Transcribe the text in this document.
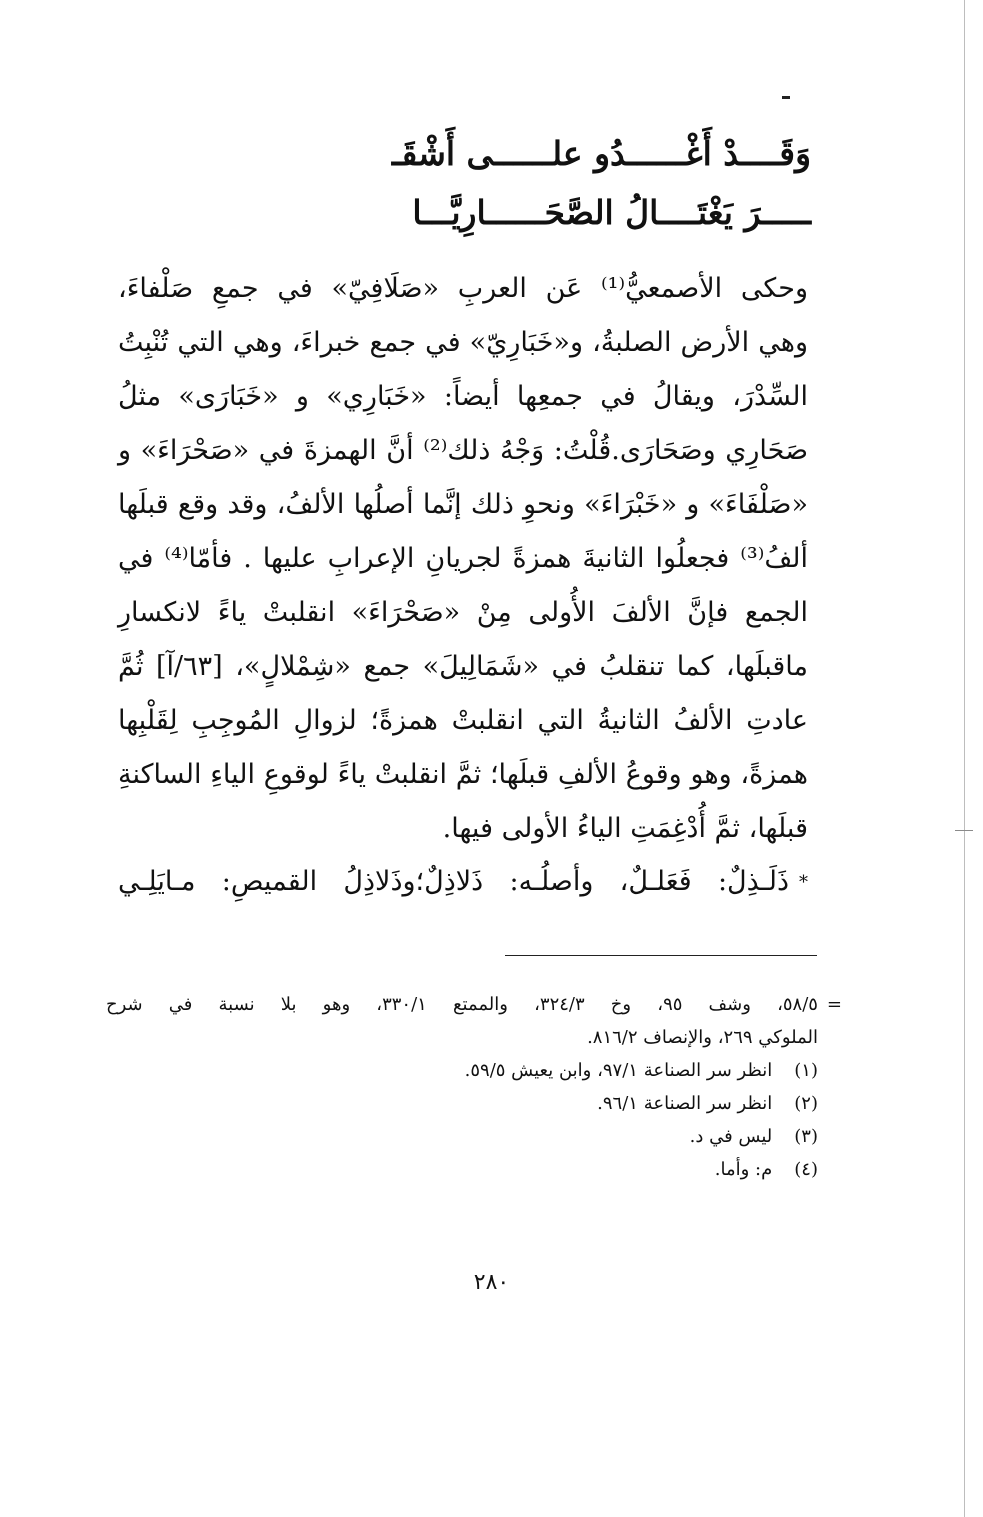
وَقَــــدْ أَغْــــــدُو علــــــى أَشْقَـ
ـــــرَ يَغْتَــــالُ الصَّحَــــــارِيَّـــا

وحكى الأصمعيُّ⁽¹⁾ عَن العربِ «صَلَافِيّ» في جمعِ صَلْفاءَ،
وهي الأرض الصلبةُ، و«خَبَارِيّ» في جمع خبراءَ، وهي التي تُنْبِتُ
السِّدْرَ، ويقالُ في جمعِها أيضاً: «خَبَارِي» و «خَبَارَى» مثلُ
صَحَارِي وصَحَارَى.قُلْتُ: وَجْهُ ذلك⁽²⁾ أنَّ الهمزةَ في «صَحْرَاءَ» و
«صَلْفَاءَ» و «خَبْرَاءَ» ونحوِ ذلك إنَّما أصلُها الألفُ، وقد وقع قبلَها
ألفُ⁽³⁾ فجعلُوا الثانيةَ همزةً لجريانِ الإعرابِ عليها . فأمّا⁽⁴⁾ في
الجمع فإنَّ الألفَ الأُولى مِنْ «صَحْرَاءَ» انقلبتْ ياءً لانكسارِ
ماقبلَها، كما تنقلبُ في «شَمَالِيلَ» جمع «شِمْلالٍ»، [٦٣/آ] ثُمَّ
عادتِ الألفُ الثانيةُ التي انقلبتْ همزةً؛ لزوالِ المُوجِبِ لِقَلْبِها
همزةً، وهو وقوعُ الألفِ قبلَها؛ ثمَّ انقلبتْ ياءً لوقوعِ الياءِ الساكنةِ
قبلَها، ثمَّ أُدْغِمَتِ الياءُ الأولى فيها.

*ذَلَـذِلٌ: فَعَلـلٌ، وأصلُـه: ذَلاذِلٌ؛وذَلاذِلُ القميصِ: مـايَلِـي
=
٥٨/٥، وشف ٩٥، وخ ٣٢٤/٣، والممتع ٣٣٠/١، وهو بلا نسبة في شرح
الملوكي ٢٦٩، والإنصاف ٨١٦/٢.
(١) انظر سر الصناعة ٩٧/١، وابن يعيش ٥٩/٥.
(٢) انظر سر الصناعة ٩٦/١.
(٣) ليس في د.
(٤) م: وأما.
٢٨٠
